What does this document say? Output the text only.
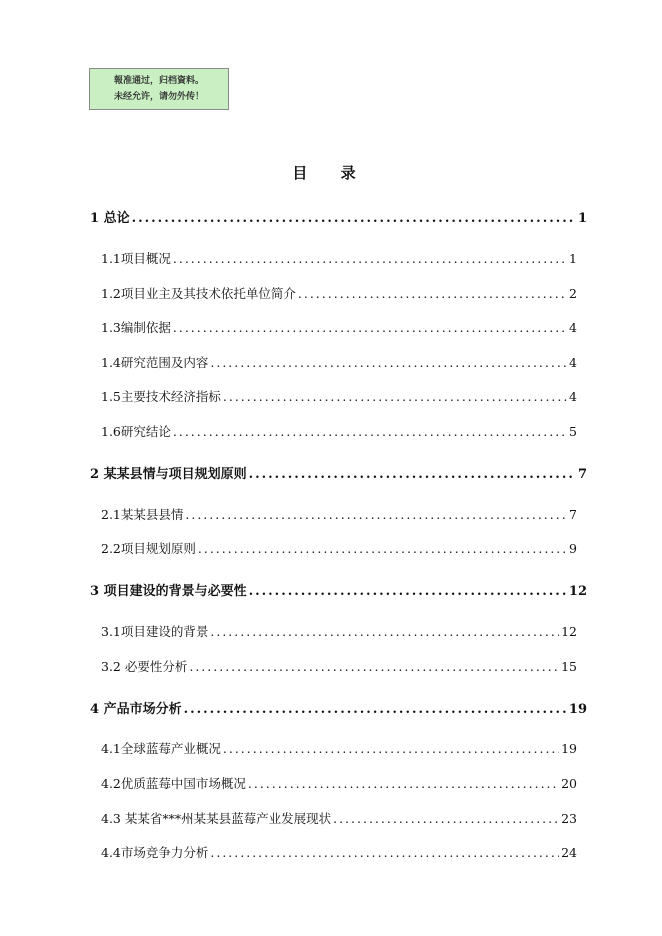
報准通过，归档資料。
未经允许，请勿外传！
目 录
1 总论 .....	1
1.1项目概况 .....	1
1.2项目业主及其技术依托单位简介 .....	2
1.3编制依据 .....	4
1.4研究范围及内容 .....	4
1.5主要技术经济指标 .....	4
1.6研究结论 .....	5
2 某某县情与项目规划原则 .....	7
2.1某某县县情 .....	7
2.2项目规划原则 .....	9
3 项目建设的背景与必要性 .....	12
3.1项目建设的背景 .....	12
3.2 必要性分析 .....	15
4 产品市场分析 .....	19
4.1全球蓝莓产业概况 .....	19
4.2优质蓝莓中国市场概况 .....	20
4.3 某某省***州某某县蓝莓产业发展现状 .....	23
4.4市场竞争力分析 .....	24
